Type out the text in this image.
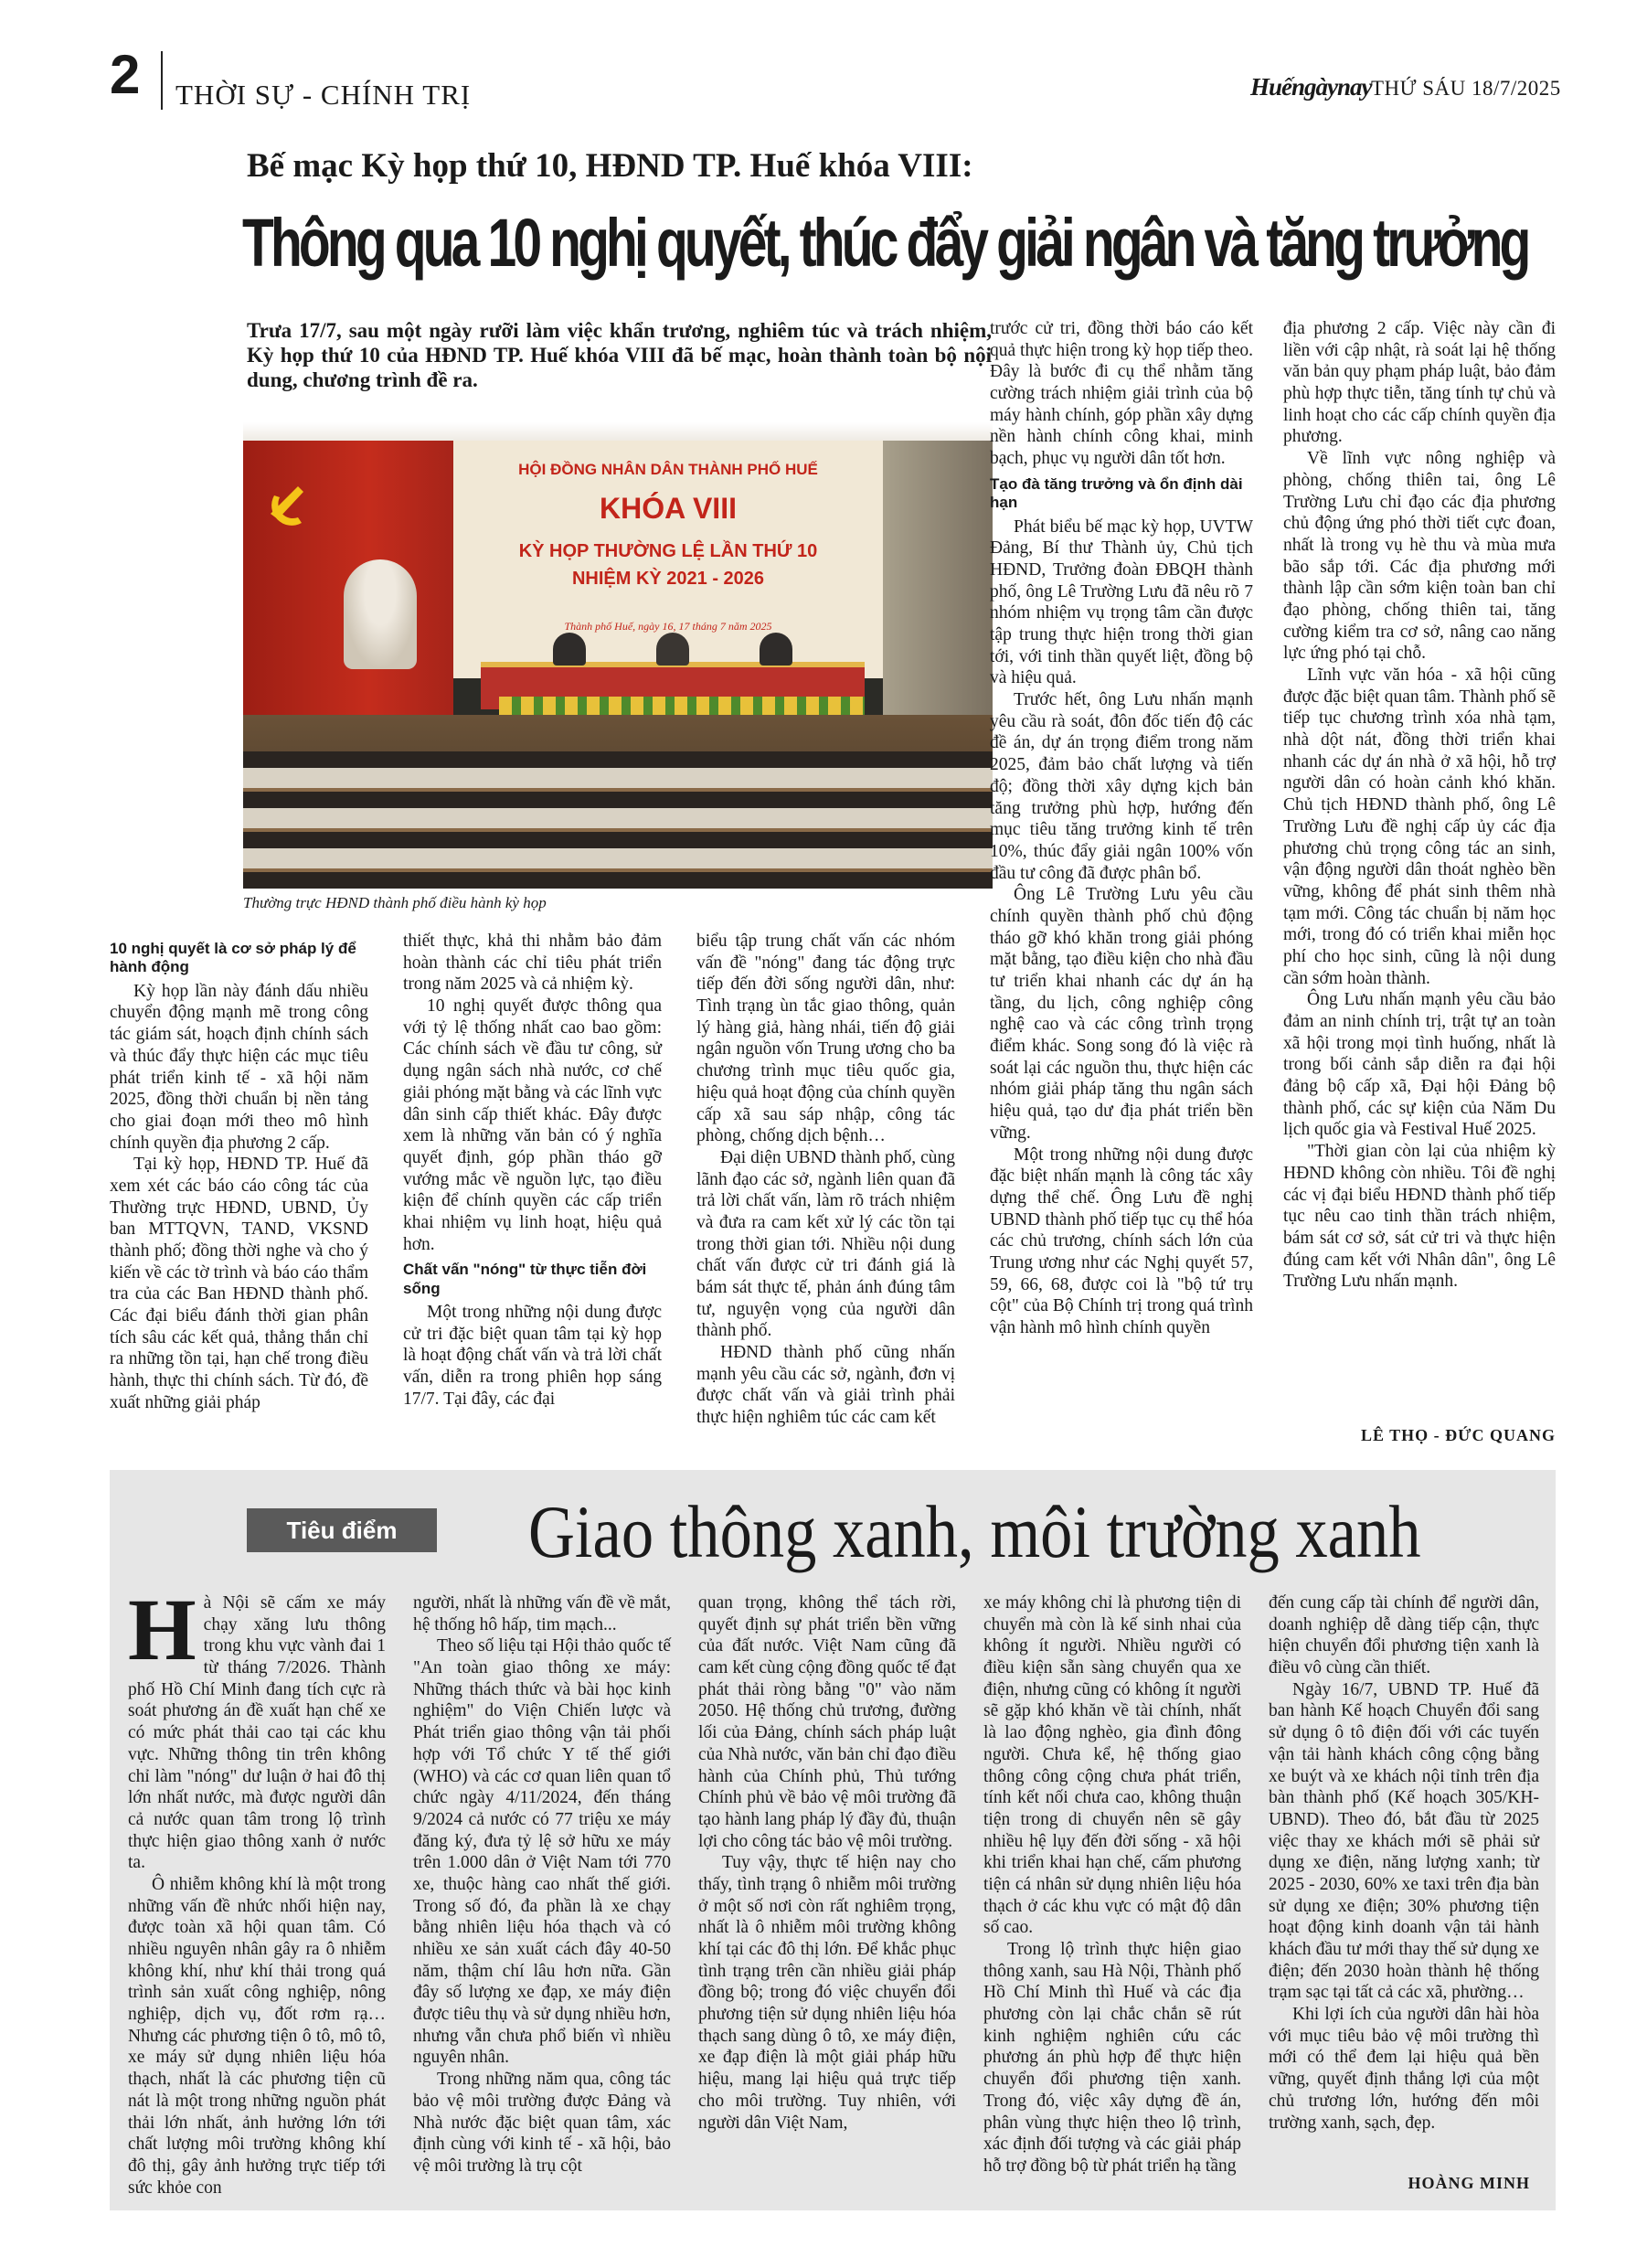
2 THỜI SỰ - CHÍNH TRỊ	Huếngàynay THỨ SÁU 18/7/2025
Bế mạc Kỳ họp thứ 10, HĐND TP. Huế khóa VIII:
Thông qua 10 nghị quyết, thúc đẩy giải ngân và tăng trưởng
Trưa 17/7, sau một ngày rưỡi làm việc khẩn trương, nghiêm túc và trách nhiệm, Kỳ họp thứ 10 của HĐND TP. Huế khóa VIII đã bế mạc, hoàn thành toàn bộ nội dung, chương trình đề ra.
HỘI ĐỒNG NHÂN DÂN THÀNH PHỐ HUẾ
KHÓA VIII
KỲ HỌP THƯỜNG LỆ LẦN THỨ 10
NHIỆM KỲ 2021 - 2026
Thành phố Huế, ngày 16, 17 tháng 7 năm 2025
Thường trực HĐND thành phố điều hành kỳ họp
10 nghị quyết là cơ sở pháp lý để hành động

Kỳ họp lần này đánh dấu nhiều chuyển động mạnh mẽ trong công tác giám sát, hoạch định chính sách và thúc đẩy thực hiện các mục tiêu phát triển kinh tế - xã hội năm 2025, đồng thời chuẩn bị nền tảng cho giai đoạn mới theo mô hình chính quyền địa phương 2 cấp.

Tại kỳ họp, HĐND TP. Huế đã xem xét các báo cáo công tác của Thường trực HĐND, UBND, Ủy ban MTTQVN, TAND, VKSND thành phố; đồng thời nghe và cho ý kiến về các tờ trình và báo cáo thẩm tra của các Ban HĐND thành phố. Các đại biểu đánh thời gian phân tích sâu các kết quả, thẳng thắn chỉ ra những tồn tại, hạn chế trong điều hành, thực thi chính sách. Từ đó, đề xuất những giải pháp

thiết thực, khả thi nhằm bảo đảm hoàn thành các chỉ tiêu phát triển trong năm 2025 và cả nhiệm kỳ.

10 nghị quyết được thông qua với tỷ lệ thống nhất cao bao gồm: Các chính sách về đầu tư công, sử dụng ngân sách nhà nước, cơ chế giải phóng mặt bằng và các lĩnh vực dân sinh cấp thiết khác. Đây được xem là những văn bản có ý nghĩa quyết định, góp phần tháo gỡ vướng mắc về nguồn lực, tạo điều kiện để chính quyền các cấp triển khai nhiệm vụ linh hoạt, hiệu quả hơn.

Chất vấn "nóng" từ thực tiễn đời sống

Một trong những nội dung được cử tri đặc biệt quan tâm tại kỳ họp là hoạt động chất vấn và trả lời chất vấn, diễn ra trong phiên họp sáng 17/7. Tại đây, các đại

biểu tập trung chất vấn các nhóm vấn đề "nóng" đang tác động trực tiếp đến đời sống người dân, như: Tình trạng ùn tắc giao thông, quản lý hàng giả, hàng nhái, tiến độ giải ngân nguồn vốn Trung ương cho ba chương trình mục tiêu quốc gia, hiệu quả hoạt động của chính quyền cấp xã sau sáp nhập, công tác phòng, chống dịch bệnh…

Đại diện UBND thành phố, cùng lãnh đạo các sở, ngành liên quan đã trả lời chất vấn, làm rõ trách nhiệm và đưa ra cam kết xử lý các tồn tại trong thời gian tới. Nhiều nội dung chất vấn được cử tri đánh giá là bám sát thực tế, phản ánh đúng tâm tư, nguyện vọng của người dân thành phố.

HĐND thành phố cũng nhấn mạnh yêu cầu các sở, ngành, đơn vị được chất vấn và giải trình phải thực hiện nghiêm túc các cam kết

trước cử tri, đồng thời báo cáo kết quả thực hiện trong kỳ họp tiếp theo. Đây là bước đi cụ thể nhằm tăng cường trách nhiệm giải trình của bộ máy hành chính, góp phần xây dựng nền hành chính công khai, minh bạch, phục vụ người dân tốt hơn.

Tạo đà tăng trưởng và ổn định dài hạn

Phát biểu bế mạc kỳ họp, UVTW Đảng, Bí thư Thành ủy, Chủ tịch HĐND, Trưởng đoàn ĐBQH thành phố, ông Lê Trường Lưu đã nêu rõ 7 nhóm nhiệm vụ trọng tâm cần được tập trung thực hiện trong thời gian tới, với tinh thần quyết liệt, đồng bộ và hiệu quả.

Trước hết, ông Lưu nhấn mạnh yêu cầu rà soát, đôn đốc tiến độ các đề án, dự án trọng điểm trong năm 2025, đảm bảo chất lượng và tiến độ; đồng thời xây dựng kịch bản tăng trưởng phù hợp, hướng đến mục tiêu tăng trưởng kinh tế trên 10%, thúc đẩy giải ngân 100% vốn đầu tư công đã được phân bổ.

Ông Lê Trường Lưu yêu cầu chính quyền thành phố chủ động tháo gỡ khó khăn trong giải phóng mặt bằng, tạo điều kiện cho nhà đầu tư triển khai nhanh các dự án hạ tầng, du lịch, công nghiệp công nghệ cao và các công trình trọng điểm khác. Song song đó là việc rà soát lại các nguồn thu, thực hiện các nhóm giải pháp tăng thu ngân sách hiệu quả, tạo dư địa phát triển bền vững.

Một trong những nội dung được đặc biệt nhấn mạnh là công tác xây dựng thể chế. Ông Lưu đề nghị UBND thành phố tiếp tục cụ thể hóa các chủ trương, chính sách lớn của Trung ương như các Nghị quyết 57, 59, 66, 68, được coi là "bộ tứ trụ cột" của Bộ Chính trị trong quá trình vận hành mô hình chính quyền

địa phương 2 cấp. Việc này cần đi liền với cập nhật, rà soát lại hệ thống văn bản quy phạm pháp luật, bảo đảm phù hợp thực tiễn, tăng tính tự chủ và linh hoạt cho các cấp chính quyền địa phương.

Về lĩnh vực nông nghiệp và phòng, chống thiên tai, ông Lê Trường Lưu chỉ đạo các địa phương chủ động ứng phó thời tiết cực đoan, nhất là trong vụ hè thu và mùa mưa bão sắp tới. Các địa phương mới thành lập cần sớm kiện toàn ban chỉ đạo phòng, chống thiên tai, tăng cường kiểm tra cơ sở, nâng cao năng lực ứng phó tại chỗ.

Lĩnh vực văn hóa - xã hội cũng được đặc biệt quan tâm. Thành phố sẽ tiếp tục chương trình xóa nhà tạm, nhà dột nát, đồng thời triển khai nhanh các dự án nhà ở xã hội, hỗ trợ người dân có hoàn cảnh khó khăn. Chủ tịch HĐND thành phố, ông Lê Trường Lưu đề nghị cấp ủy các địa phương chủ trọng công tác an sinh, vận động người dân thoát nghèo bền vững, không để phát sinh thêm nhà tạm mới. Công tác chuẩn bị năm học mới, trong đó có triển khai miễn học phí cho học sinh, cũng là nội dung cần sớm hoàn thành.

Ông Lưu nhấn mạnh yêu cầu bảo đảm an ninh chính trị, trật tự an toàn xã hội trong mọi tình huống, nhất là trong bối cảnh sắp diễn ra đại hội đảng bộ cấp xã, Đại hội Đảng bộ thành phố, các sự kiện của Năm Du lịch quốc gia và Festival Huế 2025.

"Thời gian còn lại của nhiệm kỳ HĐND không còn nhiều. Tôi đề nghị các vị đại biểu HĐND thành phố tiếp tục nêu cao tinh thần trách nhiệm, bám sát cơ sở, sát cử tri và thực hiện đúng cam kết với Nhân dân", ông Lê Trường Lưu nhấn mạnh.

LÊ THỌ - ĐỨC QUANG
Tiêu điểm Giao thông xanh, môi trường xanh

Hà Nội sẽ cấm xe máy chạy xăng lưu thông trong khu vực vành đai 1 từ tháng 7/2026. Thành phố Hồ Chí Minh đang tích cực rà soát phương án đề xuất hạn chế xe có mức phát thải cao tại các khu vực. Những thông tin trên không chỉ làm "nóng" dư luận ở hai đô thị lớn nhất nước, mà được người dân cả nước quan tâm trong lộ trình thực hiện giao thông xanh ở nước ta.

Ô nhiễm không khí là một trong những vấn đề nhức nhối hiện nay, được toàn xã hội quan tâm. Có nhiều nguyên nhân gây ra ô nhiễm không khí, như khí thải trong quá trình sản xuất công nghiệp, nông nghiệp, dịch vụ, đốt rơm rạ… Nhưng các phương tiện ô tô, mô tô, xe máy sử dụng nhiên liệu hóa thạch, nhất là các phương tiện cũ nát là một trong những nguồn phát thải lớn nhất, ảnh hưởng lớn tới chất lượng môi trường không khí đô thị, gây ảnh hưởng trực tiếp tới sức khỏe con

người, nhất là những vấn đề về mắt, hệ thống hô hấp, tim mạch...

Theo số liệu tại Hội thảo quốc tế "An toàn giao thông xe máy: Những thách thức và bài học kinh nghiệm" do Viện Chiến lược và Phát triển giao thông vận tải phối hợp với Tổ chức Y tế thế giới (WHO) và các cơ quan liên quan tổ chức ngày 4/11/2024, đến tháng 9/2024 cả nước có 77 triệu xe máy đăng ký, đưa tỷ lệ sở hữu xe máy trên 1.000 dân ở Việt Nam tới 770 xe, thuộc hàng cao nhất thế giới. Trong số đó, đa phần là xe chạy bằng nhiên liệu hóa thạch và có nhiều xe sản xuất cách đây 40-50 năm, thậm chí lâu hơn nữa. Gần đây số lượng xe đạp, xe máy điện được tiêu thụ và sử dụng nhiều hơn, nhưng vẫn chưa phổ biến vì nhiều nguyên nhân.

Trong những năm qua, công tác bảo vệ môi trường được Đảng và Nhà nước đặc biệt quan tâm, xác định cùng với kinh tế - xã hội, bảo vệ môi trường là trụ cột

quan trọng, không thể tách rời, quyết định sự phát triển bền vững của đất nước. Việt Nam cũng đã cam kết cùng cộng đồng quốc tế đạt phát thải ròng bằng "0" vào năm 2050. Hệ thống chủ trương, đường lối của Đảng, chính sách pháp luật của Nhà nước, văn bản chỉ đạo điều hành của Chính phủ, Thủ tướng Chính phủ về bảo vệ môi trường đã tạo hành lang pháp lý đầy đủ, thuận lợi cho công tác bảo vệ môi trường.

Tuy vậy, thực tế hiện nay cho thấy, tình trạng ô nhiễm môi trường ở một số nơi còn rất nghiêm trọng, nhất là ô nhiễm môi trường không khí tại các đô thị lớn. Để khắc phục tình trạng trên cần nhiều giải pháp đồng bộ; trong đó việc chuyển đổi phương tiện sử dụng nhiên liệu hóa thạch sang dùng ô tô, xe máy điện, xe đạp điện là một giải pháp hữu hiệu, mang lại hiệu quả trực tiếp cho môi trường. Tuy nhiên, với người dân Việt Nam,

xe máy không chỉ là phương tiện di chuyển mà còn là kế sinh nhai của không ít người. Nhiều người có điều kiện sẵn sàng chuyển qua xe điện, nhưng cũng có không ít người sẽ gặp khó khăn về tài chính, nhất là lao động nghèo, gia đình đông người. Chưa kể, hệ thống giao thông công cộng chưa phát triển, tính kết nối chưa cao, không thuận tiện trong di chuyển nên sẽ gây nhiều hệ lụy đến đời sống - xã hội khi triển khai hạn chế, cấm phương tiện cá nhân sử dụng nhiên liệu hóa thạch ở các khu vực có mật độ dân số cao.

Trong lộ trình thực hiện giao thông xanh, sau Hà Nội, Thành phố Hồ Chí Minh thì Huế và các địa phương còn lại chắc chắn sẽ rút kinh nghiệm nghiên cứu các phương án phù hợp để thực hiện chuyển đổi phương tiện xanh. Trong đó, việc xây dựng đề án, phân vùng thực hiện theo lộ trình, xác định đối tượng và các giải pháp hỗ trợ đồng bộ từ phát triển hạ tầng

đến cung cấp tài chính để người dân, doanh nghiệp dễ dàng tiếp cận, thực hiện chuyển đổi phương tiện xanh là điều vô cùng cần thiết.

Ngày 16/7, UBND TP. Huế đã ban hành Kế hoạch Chuyển đổi sang sử dụng ô tô điện đối với các tuyến vận tải hành khách công cộng bằng xe buýt và xe khách nội tỉnh trên địa bàn thành phố (Kế hoạch 305/KH-UBND). Theo đó, bắt đầu từ 2025 việc thay xe khách mới sẽ phải sử dụng xe điện, năng lượng xanh; từ 2025 - 2030, 60% xe taxi trên địa bàn sử dụng xe điện; 30% phương tiện hoạt động kinh doanh vận tải hành khách đầu tư mới thay thế sử dụng xe điện; đến 2030 hoàn thành hệ thống trạm sạc tại tất cả các xã, phường…

Khi lợi ích của người dân hài hòa với mục tiêu bảo vệ môi trường thì mới có thể đem lại hiệu quả bền vững, quyết định thắng lợi của một chủ trương lớn, hướng đến môi trường xanh, sạch, đẹp.

HOÀNG MINH
